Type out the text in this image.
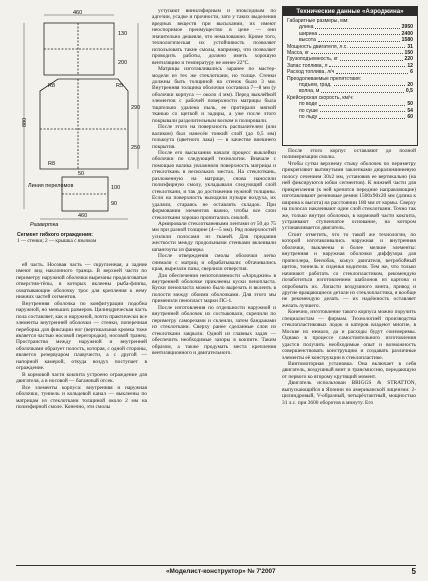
460
130
200
R8	R5
880
290
250
100
90
50
R8
460
Линия переломов
Развертка
Сегмент гибкого ограждения:
1 — стенки; 2 — крышка с язычком

ей часть. Носовая часть — скругленная, а задние имеют вид наклонного транца. В верхней части по периметру наружной оболочки вырезаны продолговатые отверстия-тёпы, в которых вклеены рыба-флипы, охватывающие оболочку трос для крепления к нему нижних частей сегментов.

Внутренняя оболочка по конфигурации подобна наружной, но меньших размеров. Цилиндрическая часть пола составляет, как и наружной, почти практически все элементы внутренней оболочки — стенки, поперечная переборка для фиксации ног (вертикальная кромка тоже является частью носовой перегородки), носовой транец. Пространство между наружной и внутренней оболочками образует полость, которая, с одной стороны, является резервуаром плавучести, а с другой — напорной камерой, откуда воздух поступает в ограждение.

В кормовой части кокпита устроено ограждение для двигателя, а в носовой — багажный отсек.

Все элементы корпуса: внутренняя и наружная оболочки, туннель и кольцевой канал — выклеены по матрицам из стеклоткани толщиной около 2 мм на полиэфирной смоле. Конечно, эти смолы

уступают винилэфирным и эпоксидным по адгезии, усадке и прочности, зато у таких выделения вредных веществ при высыхании, их имеют неоспоримое преимущество в цене — они значительно дешевле, что немаловажно. Кроме того, технологическая их устойчивость позволяет использовать такие смолы, например, что позволяет проводить работы, должно иметь хорошую вентиляцию и температуру не менее 22°C.

Матрицы изготавливались заранее по мастер-модели из тех же стеклоткани, но толще. Стенки должны быть толщиной на стенок было 3 мм. Внутренняя толщина оболочки составила 7—8 мм (у оболочки корпуса — около 4 мм). Перед выклейкой элементов с рабочей поверхности матрицы была тщательно удалена пыль, ее протирали мягкой тканью со щеткой и задиры, а уже после этого покрывали разделительным воском и полировали.

После этого на поверхность распылителем (или валиком) был нанесён тонкий слой (до 0,5 мм) гелькоута (цветного лака) — в качестве внешнего покрытия.

После его высыхания начали процесс выклейки оболочки по следующей технологии. Вначале с помощью валика увлажняли поверхность матрицы и стеклоткань в нескольких местах. На стеклоткань, разложенную на матрице, снова наносили полиэфирную смолу, укладывали следующий слой стеклоткани, и так до достижения нужной толщины. Если на поверхность выходили пузыри воздуха, их удаляли, стараясь не оставлять складок. При формовании элементов важно, чтобы все слои стеклоткани хорошо пропитались смолой.

Армировали стеклотканевыми лентами от 50 до 75 мм при разной толщине (4—5 мм). Ряд поверхностей усилили полосами из тканей. Для придания жесткости между продольными стенками вклеивали шпангоуты из фанеры.

После отверждения смолы оболочки легко снимали с матриц и обрабатывали: обтачивались края, вырезали пазы, сверлили отверстия.

Для обеспечения непотопляемости «Аэроджин» в внутренней оболочке приклеены куски пенопласта. Куски пенопласта можно было вырезать и вклеить в полости между обоими оболочками. Для этого мы применили пенопласт марки ПС-1.

После изготовления по отдельности наружной и внутренней оболочек их состыковали, скрепили по периметру саморезами и склеили, затем бандажами из стеклоткани. Сверху ранее сделанные слои из стеклоткани закрыли. Одной из главных задач — обеспечить необходимые зазоры в кокпите. Таким образом, а также продумать места крепления вентиляционного и двигательного.

Технические данные «Аэроджина»
Габаритные размеры, мм:
длина	3950
ширина	2400
высота	1580
Мощность двигателя, л.с.	31
Масса, кг	150
Грузоподъемность, кг	220
Запас топлива, л	12
Расход топлива, л/ч	6
Преодолеваемые препятствия:
подъем, град.	20
волна, м	0,5
Крейсерская скорость, км/ч:
по воде	50
по суше	54
по льду	60

После этого корпус оставляют до полной полимеризации смолы.

Чтобы сутки верхнему стыку оболочек по периметру прикрепляют вытянутыми заклепками дюралюминиевую полосу сечением 30x2 мм, установив ее вертикально (на ней фиксируются юбки сегментов). К нижней части для прикрепления (к ней крепятся передние направляющие) изготавливают резиновые ремни 1500x90x20 мм (длина к ширина к высота) на расстоянии 180 мм от кормы. Сверху на полосах наклеивают один слой стеклоткани. Точно так же, только внутри оболочки, в кормовой части кокпита, устраивают ступенчатое основание, на котором устанавливается двигатель.

Стоит отметить, что то такой же технологии, по которой изготавливались наружная и внутренняя оболочки, выклеены и более мелкие элементы: внутренняя и наружная оболочки диффузора для пропеллера, бензобак, кожух двигателя, ветробойный щиток, тоннель и сиденья водителя. Тем же, что только начинают работать со стеклопластиком, рекомендую позаботиться изготовлением шаблонов из картона и опробовать их. Лопасти воздушного винта, привод и другие вращающиеся детали из стеклопластика, я вообще не рекомендую делать — их надёжность оставляет желать лучшего.

Конечно, изготовление такого корпуса можно поручить специалистам — фирмам. Технологией производства стеклопластиковых лодок и катеров владеют многие, в Москве их немало, да и расходы будут соизмеримы. Однако в процессе самостоятельного изготовления удастся получить необходимые опыт и возможность совершенствовать конструкцию и создавать различные элементы её конструкции в стеклопластике.

Винтомоторная установка. Она включает в себя двигатель, воздушный винт и трансмиссию, передающую от первого ко второму крутящий момент.

Двигатель использован BRIGGS & STRATTON, выпускающийся в Японии по американской лицензии: 2-цилиндровый, V-образный, четырёхтактный, мощностью 31 л.с. при 3600 оборотов в минуту. Его

«Моделист-конструктор» № 7'2007	5
